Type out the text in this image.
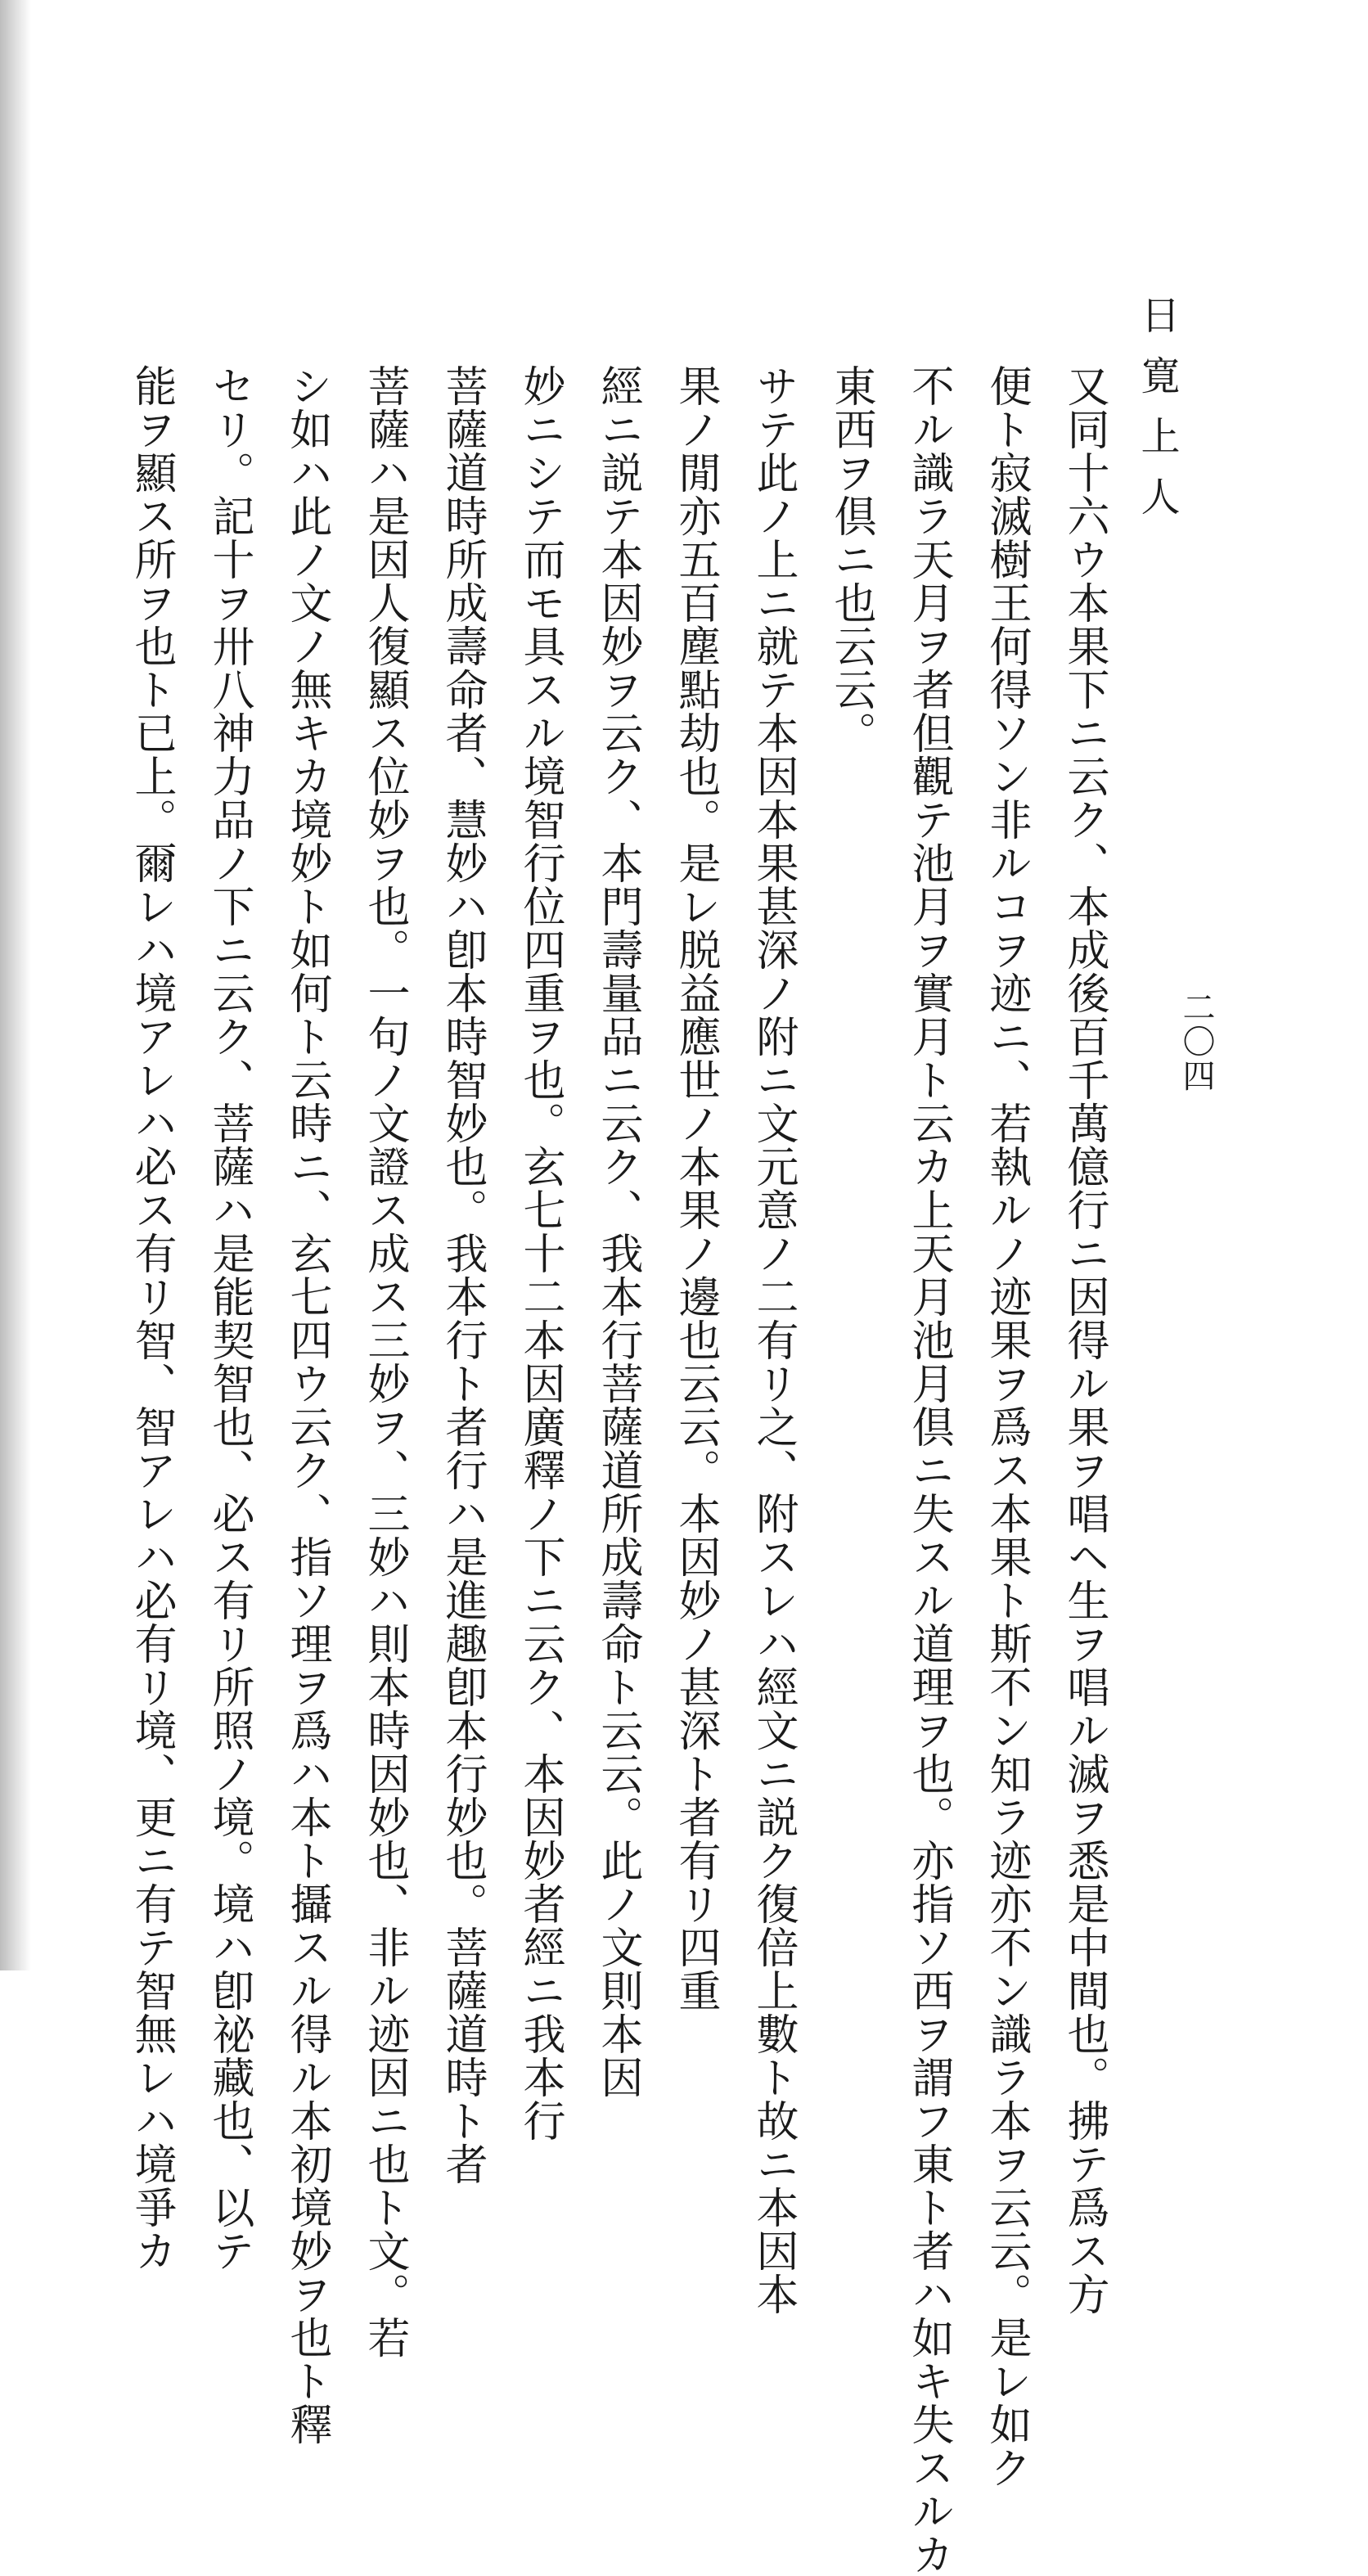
日寛上人
二〇四
又同十六ウ本果下ニ云ク、本成後百千萬億行ニ因得ル果ヲ唱ヘ生ヲ唱ル滅ヲ悉是中間也。拂テ爲ス方
便ト寂滅樹王何得ソン非ルコヲ迹ニ、若執ルノ迹果ヲ爲ス本果ト斯不ン知ラ迹亦不ン識ラ本ヲ云云。是レ如ク
不ル識ラ天月ヲ者但觀テ池月ヲ實月ト云カ上天月池月倶ニ失スル道理ヲ也。亦指ソ西ヲ謂フ東ト者ハ如キ失スルカ
東西ヲ倶ニ也云云。
サテ此ノ上ニ就テ本因本果甚深ノ附ニ文元意ノ二有リ之、附スレハ經文ニ説ク復倍上數ト故ニ本因本
果ノ閒亦五百塵點劫也。是レ脱益應世ノ本果ノ邊也云云。本因妙ノ甚深ト者有リ四重
經ニ説テ本因妙ヲ云ク、本門壽量品ニ云ク、我本行菩薩道所成壽命ト云云。此ノ文則本因
妙ニシテ而モ具スル境智行位四重ヲ也。玄七十二本因廣釋ノ下ニ云ク、本因妙者經ニ我本行
菩薩道時所成壽命者、慧妙ハ卽本時智妙也。我本行ト者行ハ是進趣卽本行妙也。菩薩道時ト者
菩薩ハ是因人復顯ス位妙ヲ也。一句ノ文證ス成ス三妙ヲ、三妙ハ則本時因妙也、非ル迹因ニ也ト文。若
シ如ハ此ノ文ノ無キカ境妙ト如何ト云時ニ、玄七四ウ云ク、指ソ理ヲ爲ハ本ト攝スル得ル本初境妙ヲ也ト釋
セリ。記十ヲ卅八神力品ノ下ニ云ク、菩薩ハ是能契智也、必ス有リ所照ノ境。境ハ卽祕藏也、以テ
能ヲ顯ス所ヲ也ト已上。爾レハ境アレハ必ス有リ智、智アレハ必有リ境、更ニ有テ智無レハ境爭カ
